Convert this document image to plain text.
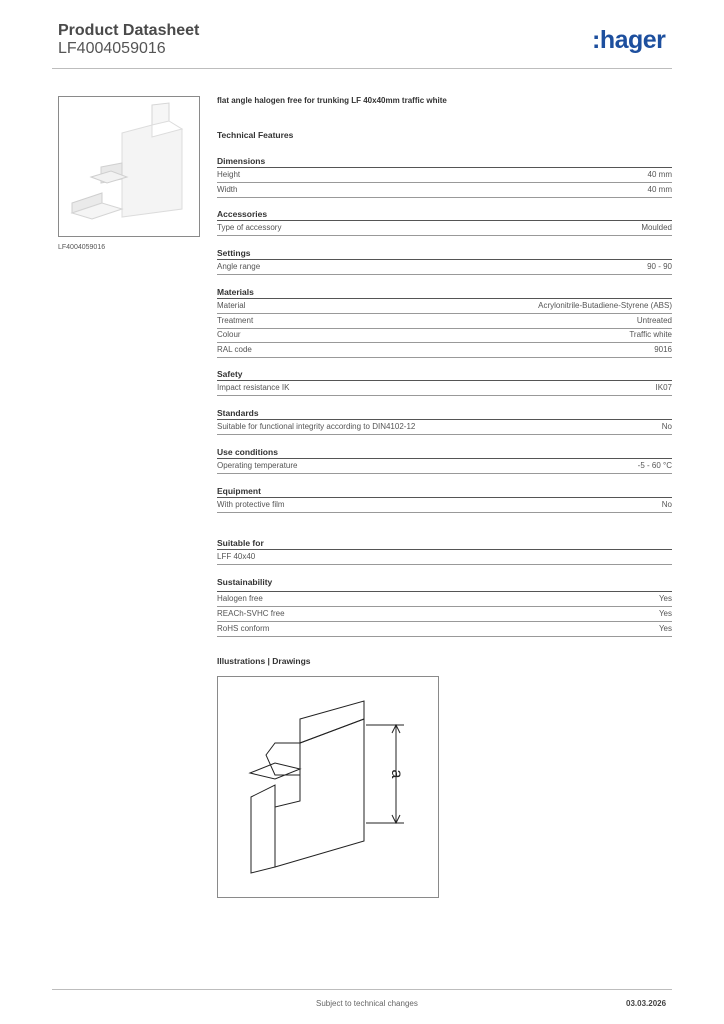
Product Datasheet
LF4004059016	:hager
LF4004059016
flat angle halogen free for trunking LF 40x40mm traffic white
Technical Features
Dimensions
Height	40 mm
Width	40 mm
Accessories
Type of accessory	Moulded
Settings
Angle range	90 - 90
Materials
Material	Acrylonitrile-Butadiene-Styrene (ABS)
Treatment	Untreated
Colour	Traffic white
RAL code	9016
Safety
Impact resistance IK	IK07
Standards
Suitable for functional integrity according to DIN4102-12	No
Use conditions
Operating temperature	-5 - 60 °C
Equipment
With protective film	No
Suitable for
LFF 40x40
Sustainability
Halogen free	Yes
REACh-SVHC free	Yes
RoHS conform	Yes
Illustrations | Drawings
a
Subject to technical changes	03.03.2026
